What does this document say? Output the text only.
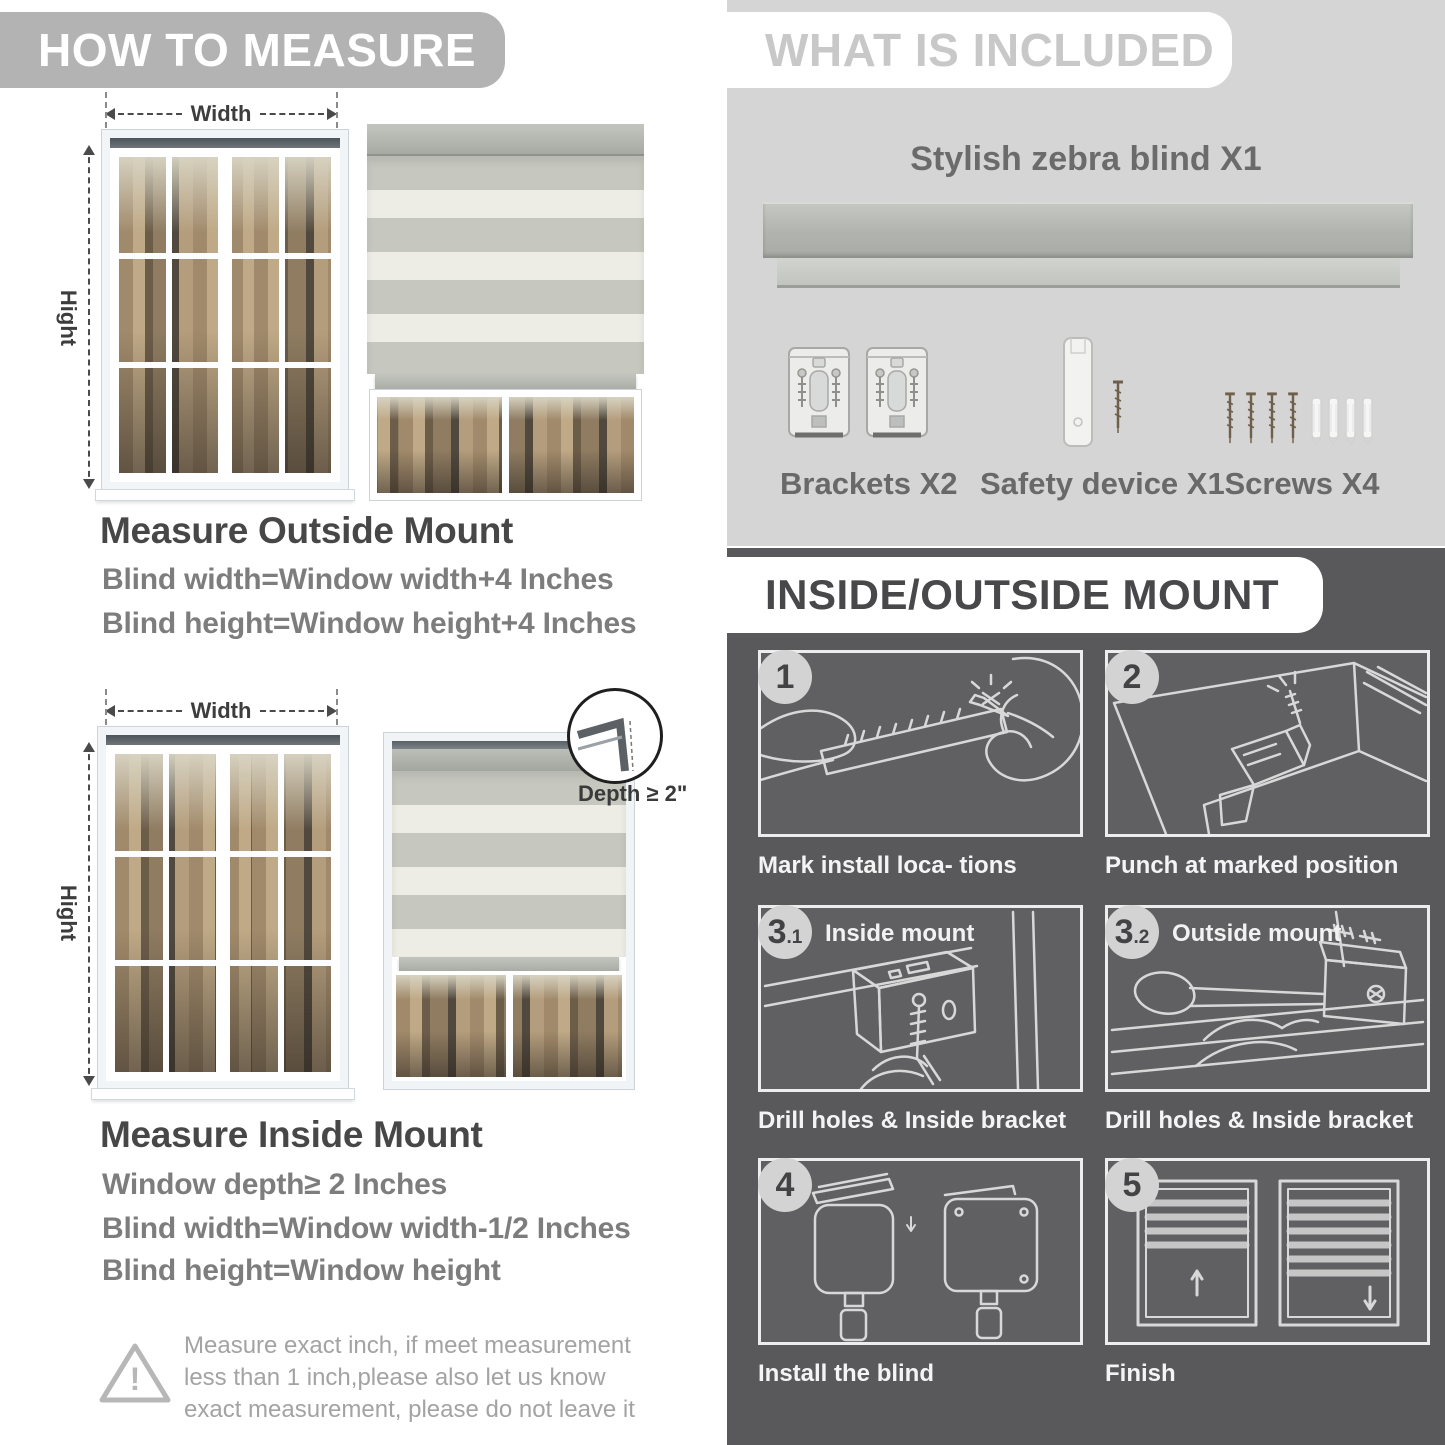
HOW TO MEASURE
Width
Hight
Measure Outside Mount
Blind width=Window width+4 Inches
Blind height=Window height+4 Inches
Width
Hight
Depth ≥ 2"
Measure Inside Mount
Window depth≥ 2 Inches
Blind width=Window width-1/2 Inches
Blind height=Window height
!
Measure exact inch, if meet measurement less than 1 inch,please also let us know exact measurement, please do not leave it
WHAT IS INCLUDED
Stylish zebra blind X1
Brackets X2 Safety device X1 Screws X4
INSIDE/OUTSIDE MOUNT
1
Mark install loca- tions
2
Punch at marked position
3 .1 Inside mount
Drill holes & Inside bracket
3 .2 Outside mount
Drill holes & Inside bracket
4
Install the blind
5
Finish
